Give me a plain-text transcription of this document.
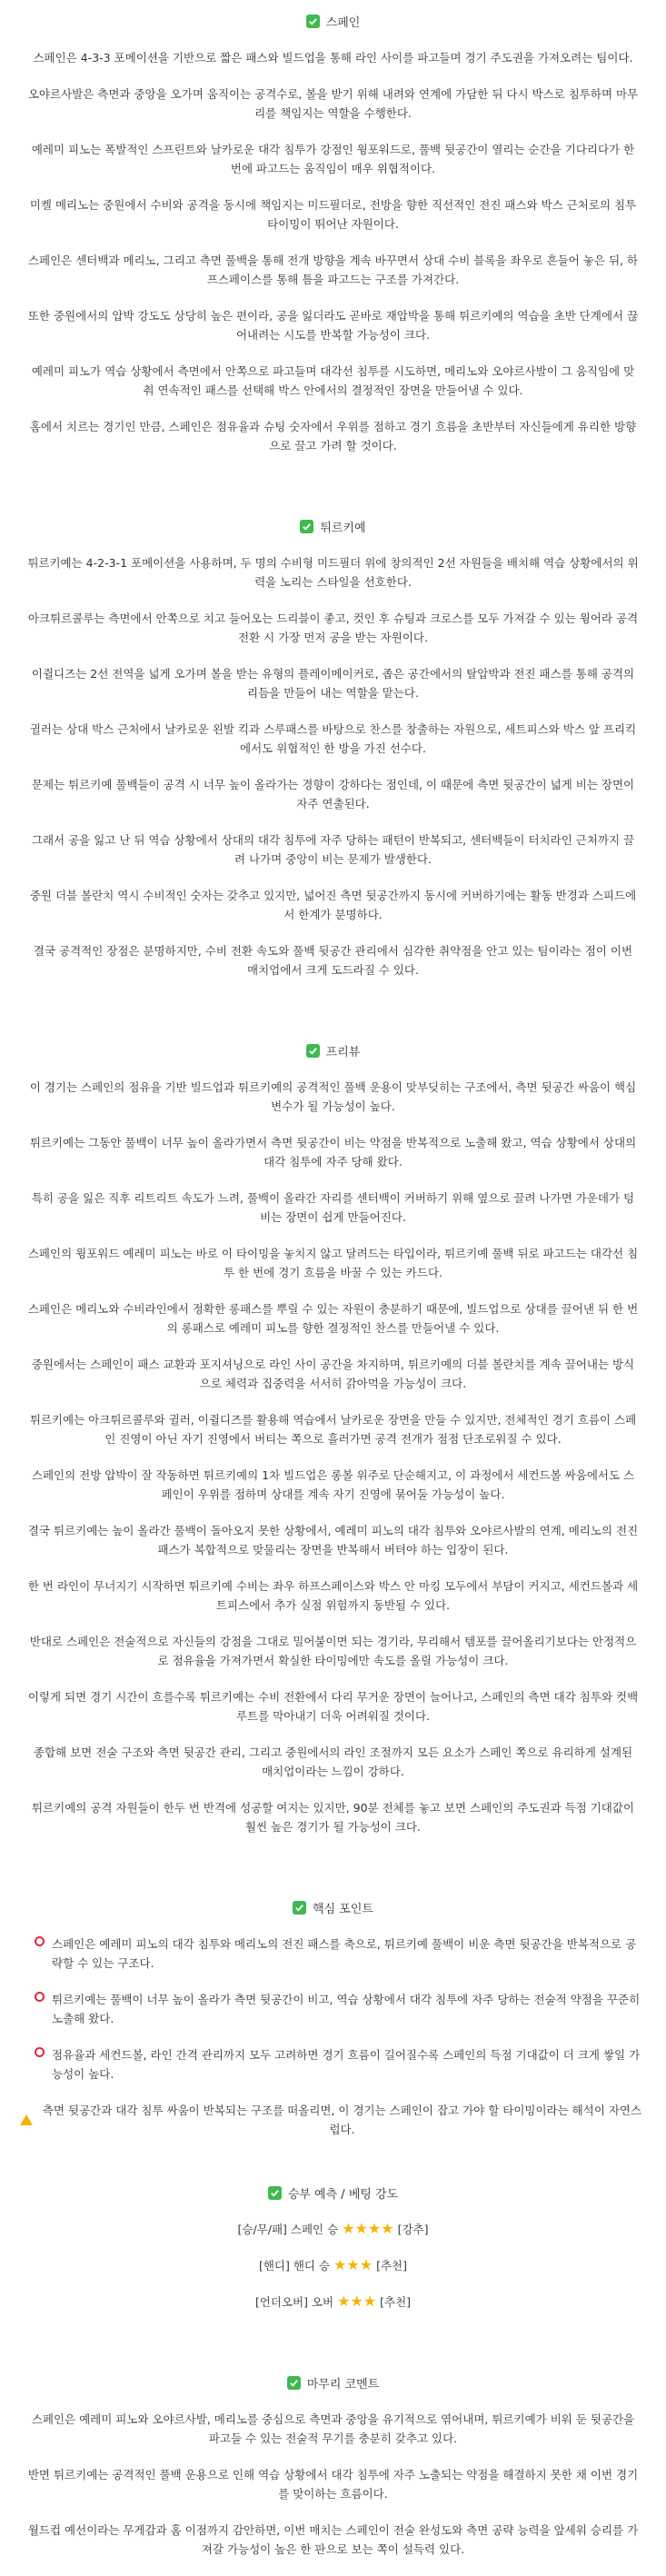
스페인

스페인은 4-3-3 포메이션을 기반으로 짧은 패스와 빌드업을 통해 라인 사이를 파고들며 경기 주도권을 가져오려는 팀이다.

오야르사발은 측면과 중앙을 오가며 움직이는 공격수로, 볼을 받기 위해 내려와 연계에 가담한 뒤 다시 박스로 침투하며 마무리를 책임지는 역할을 수행한다.

예레미 피노는 폭발적인 스프린트와 날카로운 대각 침투가 강점인 윙포워드로, 풀백 뒷공간이 열리는 순간을 기다리다가 한 번에 파고드는 움직임이 매우 위협적이다.

미켈 메리노는 중원에서 수비와 공격을 동시에 책임지는 미드필더로, 전방을 향한 직선적인 전진 패스와 박스 근처로의 침투 타이밍이 뛰어난 자원이다.

스페인은 센터백과 메리노, 그리고 측면 풀백을 통해 전개 방향을 계속 바꾸면서 상대 수비 블록을 좌우로 흔들어 놓은 뒤, 하프스페이스를 통해 틈을 파고드는 구조를 가져간다.

또한 중원에서의 압박 강도도 상당히 높은 편이라, 공을 잃더라도 곧바로 재압박을 통해 튀르키예의 역습을 초반 단계에서 끊어내려는 시도를 반복할 가능성이 크다.

예레미 피노가 역습 상황에서 측면에서 안쪽으로 파고들며 대각선 침투를 시도하면, 메리노와 오야르사발이 그 움직임에 맞춰 연속적인 패스를 선택해 박스 안에서의 결정적인 장면을 만들어낼 수 있다.

홈에서 치르는 경기인 만큼, 스페인은 점유율과 슈팅 숫자에서 우위를 점하고 경기 흐름을 초반부터 자신들에게 유리한 방향으로 끌고 가려 할 것이다.

튀르키예

튀르키예는 4-2-3-1 포메이션을 사용하며, 두 명의 수비형 미드필더 위에 창의적인 2선 자원들을 배치해 역습 상황에서의 위력을 노리는 스타일을 선호한다.

아크튀르콜루는 측면에서 안쪽으로 치고 들어오는 드리블이 좋고, 컷인 후 슈팅과 크로스를 모두 가져갈 수 있는 윙어라 공격 전환 시 가장 먼저 공을 받는 자원이다.

이쥘디즈는 2선 전역을 넓게 오가며 볼을 받는 유형의 플레이메이커로, 좁은 공간에서의 탈압박과 전진 패스를 통해 공격의 리듬을 만들어 내는 역할을 맡는다.

귈러는 상대 박스 근처에서 날카로운 왼발 킥과 스루패스를 바탕으로 찬스를 창출하는 자원으로, 세트피스와 박스 앞 프리킥에서도 위협적인 한 방을 가진 선수다.

문제는 튀르키예 풀백들이 공격 시 너무 높이 올라가는 경향이 강하다는 점인데, 이 때문에 측면 뒷공간이 넓게 비는 장면이 자주 연출된다.

그래서 공을 잃고 난 뒤 역습 상황에서 상대의 대각 침투에 자주 당하는 패턴이 반복되고, 센터백들이 터치라인 근처까지 끌려 나가며 중앙이 비는 문제가 발생한다.

중원 더블 볼란치 역시 수비적인 숫자는 갖추고 있지만, 넓어진 측면 뒷공간까지 동시에 커버하기에는 활동 반경과 스피드에서 한계가 분명하다.

결국 공격적인 장점은 분명하지만, 수비 전환 속도와 풀백 뒷공간 관리에서 심각한 취약점을 안고 있는 팀이라는 점이 이번 매치업에서 크게 도드라질 수 있다.

프리뷰

이 경기는 스페인의 점유율 기반 빌드업과 튀르키예의 공격적인 풀백 운용이 맞부딪히는 구조에서, 측면 뒷공간 싸움이 핵심 변수가 될 가능성이 높다.

튀르키예는 그동안 풀백이 너무 높이 올라가면서 측면 뒷공간이 비는 약점을 반복적으로 노출해 왔고, 역습 상황에서 상대의 대각 침투에 자주 당해 왔다.

특히 공을 잃은 직후 리트리트 속도가 느려, 풀백이 올라간 자리를 센터백이 커버하기 위해 옆으로 끌려 나가면 가운데가 텅 비는 장면이 쉽게 만들어진다.

스페인의 윙포워드 예레미 피노는 바로 이 타이밍을 놓치지 않고 달려드는 타입이라, 튀르키예 풀백 뒤로 파고드는 대각선 침투 한 번에 경기 흐름을 바꿀 수 있는 카드다.

스페인은 메리노와 수비라인에서 정확한 롱패스를 뿌릴 수 있는 자원이 충분하기 때문에, 빌드업으로 상대를 끌어낸 뒤 한 번의 롱패스로 예레미 피노를 향한 결정적인 찬스를 만들어낼 수 있다.

중원에서는 스페인이 패스 교환과 포지셔닝으로 라인 사이 공간을 차지하며, 튀르키예의 더블 볼란치를 계속 끌어내는 방식으로 체력과 집중력을 서서히 갉아먹을 가능성이 크다.

튀르키예는 아크튀르콜루와 귈러, 이쥘디즈를 활용해 역습에서 날카로운 장면을 만들 수 있지만, 전체적인 경기 흐름이 스페인 진영이 아닌 자기 진영에서 버티는 쪽으로 흘러가면 공격 전개가 점점 단조로워질 수 있다.

스페인의 전방 압박이 잘 작동하면 튀르키예의 1차 빌드업은 롱볼 위주로 단순해지고, 이 과정에서 세컨드볼 싸움에서도 스페인이 우위를 점하며 상대를 계속 자기 진영에 묶어둘 가능성이 높다.

결국 튀르키예는 높이 올라간 풀백이 돌아오지 못한 상황에서, 예레미 피노의 대각 침투와 오야르사발의 연계, 메리노의 전진 패스가 복합적으로 맞물리는 장면을 반복해서 버텨야 하는 입장이 된다.

한 번 라인이 무너지기 시작하면 튀르키예 수비는 좌우 하프스페이스와 박스 안 마킹 모두에서 부담이 커지고, 세컨드볼과 세트피스에서 추가 실점 위험까지 동반될 수 있다.

반대로 스페인은 전술적으로 자신들의 강점을 그대로 밀어붙이면 되는 경기라, 무리해서 템포를 끌어올리기보다는 안정적으로 점유율을 가져가면서 확실한 타이밍에만 속도를 올릴 가능성이 크다.

이렇게 되면 경기 시간이 흐를수록 튀르키예는 수비 전환에서 다리 무거운 장면이 늘어나고, 스페인의 측면 대각 침투와 컷백 루트를 막아내기 더욱 어려워질 것이다.

종합해 보면 전술 구조와 측면 뒷공간 관리, 그리고 중원에서의 라인 조절까지 모든 요소가 스페인 쪽으로 유리하게 설계된 매치업이라는 느낌이 강하다.

튀르키예의 공격 자원들이 한두 번 반격에 성공할 여지는 있지만, 90분 전체를 놓고 보면 스페인의 주도권과 득점 기대값이 훨씬 높은 경기가 될 가능성이 크다.

핵심 포인트
스페인은 예레미 피노의 대각 침투와 메리노의 전진 패스를 축으로, 튀르키예 풀백이 비운 측면 뒷공간을 반복적으로 공략할 수 있는 구조다.
튀르키예는 풀백이 너무 높이 올라가 측면 뒷공간이 비고, 역습 상황에서 대각 침투에 자주 당하는 전술적 약점을 꾸준히 노출해 왔다.
점유율과 세컨드볼, 라인 간격 관리까지 모두 고려하면 경기 흐름이 길어질수록 스페인의 득점 기대값이 더 크게 쌓일 가능성이 높다.
측면 뒷공간과 대각 침투 싸움이 반복되는 구조를 떠올리면, 이 경기는 스페인이 잡고 가야 할 타이밍이라는 해석이 자연스럽다.
승부 예측 / 베팅 강도
[승/무/패] 스페인 승 ★★★★ [강추]
[핸디] 핸디 승 ★★★ [추천]
[언더오버] 오버 ★★★ [추천]
마무리 코멘트

스페인은 예레미 피노와 오야르사발, 메리노를 중심으로 측면과 중앙을 유기적으로 엮어내며, 튀르키예가 비워 둔 뒷공간을 파고들 수 있는 전술적 무기를 충분히 갖추고 있다.

반면 튀르키예는 공격적인 풀백 운용으로 인해 역습 상황에서 대각 침투에 자주 노출되는 약점을 해결하지 못한 채 이번 경기를 맞이하는 흐름이다.

월드컵 예선이라는 무게감과 홈 이점까지 감안하면, 이번 매치는 스페인이 전술 완성도와 측면 공략 능력을 앞세워 승리를 가져갈 가능성이 높은 한 판으로 보는 쪽이 설득력 있다.
